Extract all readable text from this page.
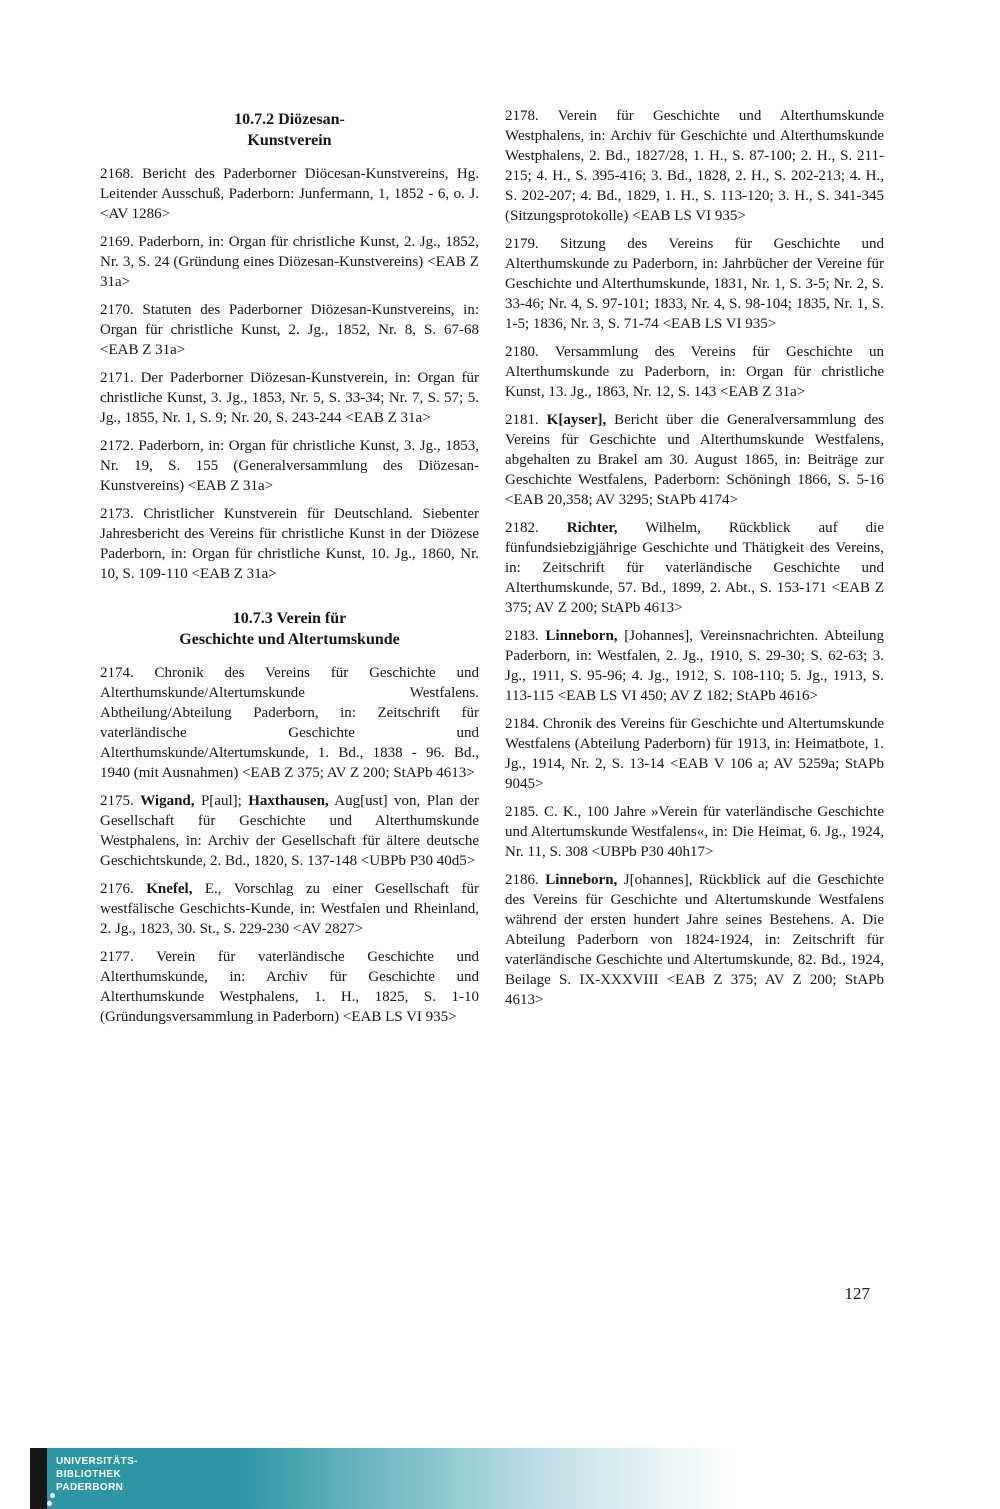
10.7.2 Diözesan-
Kunstverein

2168. Bericht des Paderborner Diöcesan-Kunstvereins, Hg. Leitender Ausschuß, Paderborn: Junfermann, 1, 1852 - 6, o. J. <AV 1286>

2169. Paderborn, in: Organ für christliche Kunst, 2. Jg., 1852, Nr. 3, S. 24 (Gründung eines Diözesan-Kunstvereins) <EAB Z 31a>

2170. Statuten des Paderborner Diözesan-Kunstvereins, in: Organ für christliche Kunst, 2. Jg., 1852, Nr. 8, S. 67-68 <EAB Z 31a>

2171. Der Paderborner Diözesan-Kunstverein, in: Organ für christliche Kunst, 3. Jg., 1853, Nr. 5, S. 33-34; Nr. 7, S. 57; 5. Jg., 1855, Nr. 1, S. 9; Nr. 20, S. 243-244 <EAB Z 31a>

2172. Paderborn, in: Organ für christliche Kunst, 3. Jg., 1853, Nr. 19, S. 155 (Generalversammlung des Diözesan-Kunstvereins) <EAB Z 31a>

2173. Christlicher Kunstverein für Deutschland. Siebenter Jahresbericht des Vereins für christliche Kunst in der Diözese Paderborn, in: Organ für christliche Kunst, 10. Jg., 1860, Nr. 10, S. 109-110 <EAB Z 31a>

10.7.3 Verein für
Geschichte und Altertumskunde

2174. Chronik des Vereins für Geschichte und Alterthumskunde/Altertumskunde Westfalens. Abtheilung/Abteilung Paderborn, in: Zeitschrift für vaterländische Geschichte und Alterthumskunde/Altertumskunde, 1. Bd., 1838 - 96. Bd., 1940 (mit Ausnahmen) <EAB Z 375; AV Z 200; StAPb 4613>

2175. Wigand, P[aul]; Haxthausen, Aug[ust] von, Plan der Gesellschaft für Geschichte und Alterthumskunde Westphalens, in: Archiv der Gesellschaft für ältere deutsche Geschichtskunde, 2. Bd., 1820, S. 137-148 <UBPb P30 40d5>

2176. Knefel, E., Vorschlag zu einer Gesellschaft für westfälische Geschichts-Kunde, in: Westfalen und Rheinland, 2. Jg., 1823, 30. St., S. 229-230 <AV 2827>

2177. Verein für vaterländische Geschichte und Alterthumskunde, in: Archiv für Geschichte und Alterthumskunde Westphalens, 1. H., 1825, S. 1-10 (Gründungsversammlung in Paderborn) <EAB LS VI 935>

2178. Verein für Geschichte und Alterthumskunde Westphalens, in: Archiv für Geschichte und Alterthumskunde Westphalens, 2. Bd., 1827/28, 1. H., S. 87-100; 2. H., S. 211-215; 4. H., S. 395-416; 3. Bd., 1828, 2. H., S. 202-213; 4. H., S. 202-207; 4. Bd., 1829, 1. H., S. 113-120; 3. H., S. 341-345 (Sitzungsprotokolle) <EAB LS VI 935>

2179. Sitzung des Vereins für Geschichte und Alterthumskunde zu Paderborn, in: Jahrbücher der Vereine für Geschichte und Alterthumskunde, 1831, Nr. 1, S. 3-5; Nr. 2, S. 33-46; Nr. 4, S. 97-101; 1833, Nr. 4, S. 98-104; 1835, Nr. 1, S. 1-5; 1836, Nr. 3, S. 71-74 <EAB LS VI 935>

2180. Versammlung des Vereins für Geschichte un Alterthumskunde zu Paderborn, in: Organ für christliche Kunst, 13. Jg., 1863, Nr. 12, S. 143 <EAB Z 31a>

2181. K[ayser], Bericht über die Generalversammlung des Vereins für Geschichte und Alterthumskunde Westfalens, abgehalten zu Brakel am 30. August 1865, in: Beiträge zur Geschichte Westfalens, Paderborn: Schöningh 1866, S. 5-16 <EAB 20,358; AV 3295; StAPb 4174>

2182. Richter, Wilhelm, Rückblick auf die fünfundsiebzigjährige Geschichte und Thätigkeit des Vereins, in: Zeitschrift für vaterländische Geschichte und Alterthumskunde, 57. Bd., 1899, 2. Abt., S. 153-171 <EAB Z 375; AV Z 200; StAPb 4613>

2183. Linneborn, [Johannes], Vereinsnachrichten. Abteilung Paderborn, in: Westfalen, 2. Jg., 1910, S. 29-30; S. 62-63; 3. Jg., 1911, S. 95-96; 4. Jg., 1912, S. 108-110; 5. Jg., 1913, S. 113-115 <EAB LS VI 450; AV Z 182; StAPb 4616>

2184. Chronik des Vereins für Geschichte und Altertumskunde Westfalens (Abteilung Paderborn) für 1913, in: Heimatbote, 1. Jg., 1914, Nr. 2, S. 13-14 <EAB V 106 a; AV 5259a; StAPb 9045>

2185. C. K., 100 Jahre »Verein für vaterländische Geschichte und Altertumskunde Westfalens«, in: Die Heimat, 6. Jg., 1924, Nr. 11, S. 308 <UBPb P30 40h17>

2186. Linneborn, J[ohannes], Rückblick auf die Geschichte des Vereins für Geschichte und Altertumskunde Westfalens während der ersten hundert Jahre seines Bestehens. A. Die Abteilung Paderborn von 1824-1924, in: Zeitschrift für vaterländische Geschichte und Altertumskunde, 82. Bd., 1924, Beilage S. IX-XXXVIII <EAB Z 375; AV Z 200; StAPb 4613>

127
UNIVERSITÄTS-
BIBLIOTHEK
PADERBORN
